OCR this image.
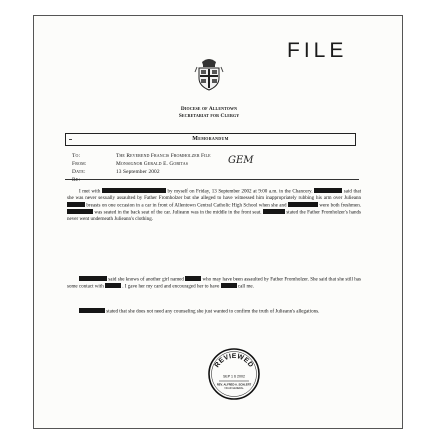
FILE
Diocese of Allentown
Secretariat for Clergy
Memorandum
To:	The Reverend Francis Fromholzer File
From:	Monsignor Gerald E. Gobitas	GEM
Date:	13 September 2002
Re:
I met with	by myself on Friday, 13 September 2002 at 9:00 a.m. in the Chancery.	said that she was never sexually assaulted by Father Fromholzer but she alleged to have witnessed him inappropriately rubbing his arm over Julieann  breasts on one occasion in a car in front of Allentown Central Catholic High School when she and	were both freshmen.  was seated in the back seat of the car. Julieann was in the middle in the front seat.	stated the Father Fromholzer's hands never went underneath Julieann's clothing.
said she knows of another girl named	who may have been assaulted by Father Fromholzer. She said that she still has some contact with	. I gave her my card and encouraged her to have	call me.
stated that she does not need any counseling she just wanted to confirm the truth of Julieann's allegations.
REVIEWED
SEP 1 6 2002
REV. ALFRED A. SCHLERT
VICAR GENERAL
